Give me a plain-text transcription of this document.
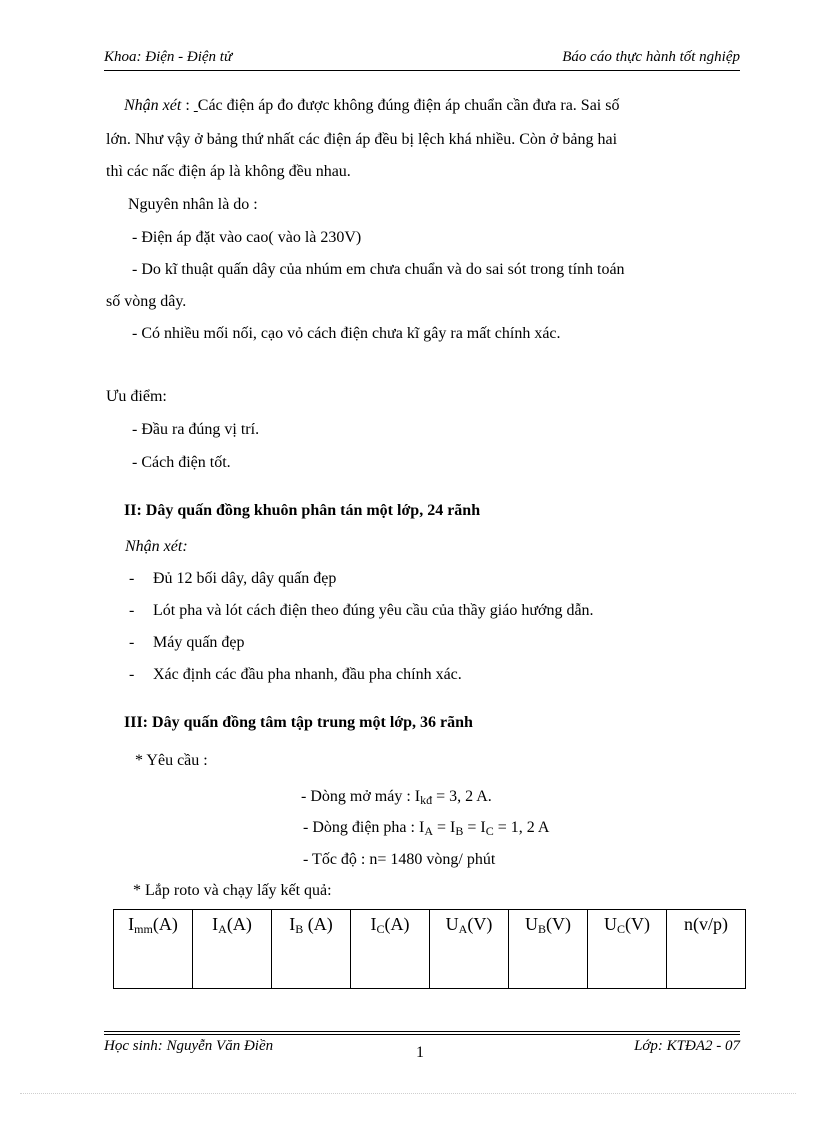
Khoa: Điện - Điện tử	Báo cáo thực hành tốt nghiệp
Nhận xét :  Các điện áp đo được không đúng điện áp chuẩn cần đưa ra. Sai số
lớn. Như vậy ở bảng thứ nhất các điện áp đều bị lệch khá nhiều. Còn ở bảng hai
thì các nấc điện áp là không đều nhau.
Nguyên nhân là do :
- Điện áp đặt vào cao( vào là 230V)
- Do kĩ thuật quấn dây của nhúm em chưa chuẩn và do sai sót trong tính toán
số vòng dây.
- Có nhiều mối nối, cạo vỏ cách điện chưa kĩ gây ra mất chính xác.
Ưu điểm:
- Đầu ra đúng vị trí.
- Cách điện tốt.
II: Dây quấn đồng khuôn phân tán một lớp, 24 rãnh
Nhận xét:
- Đủ 12 bối dây, dây quấn đẹp
- Lót pha và lót cách điện theo đúng yêu cầu của thầy giáo hướng dẫn.
- Máy quấn đẹp
- Xác định các đầu pha nhanh, đầu pha chính xác.
III: Dây quấn đồng tâm tập trung một lớp, 36 rãnh
* Yêu cầu :
- Dòng mở máy : $I_{kđ} = 3$, 2 A.
- Dòng điện pha : $I_A = I_B = I_C = 1$, 2 A
- Tốc độ : n= 1480 vòng/ phút
* Lắp roto và chạy lấy kết quả:
$I_{mm}(A)$	$I_A(A)$	$I_B$ (A)	$I_C(A)$	$U_A(V)$	$U_B(V)$	$U_C(V)$	n(v/p)
Học sinh: Nguyễn Văn Điền	1	Lớp: KTĐA2 - 07
